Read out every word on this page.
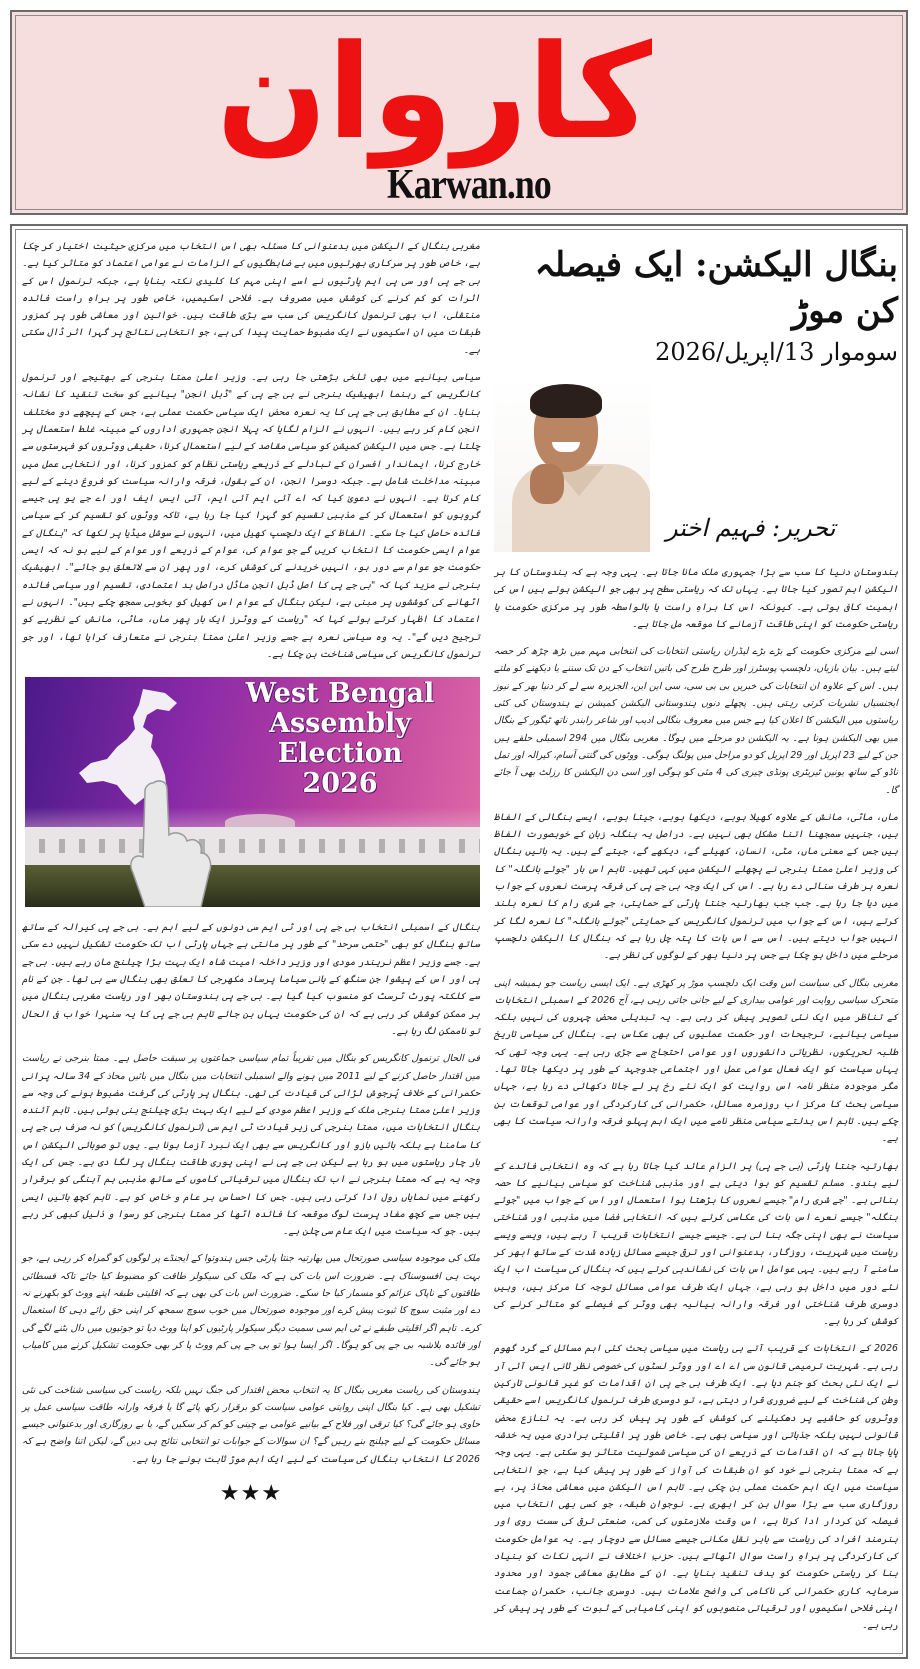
کاروان
Karwan.no

مغربی بنگال کے الیکشن میں بدعنوانی کا مسئلہ بھی اس انتخاب میں مرکزی حیثیت اختیار کر چکا ہے، خاص طور پر سرکاری بھرتیوں میں بے ضابطگیوں کے الزامات نے عوامی اعتماد کو متاثر کیا ہے۔ بی جے پی اور سی پی ایم پارٹیوں نے اسے اپنی مہم کا کلیدی نکتہ بنایا ہے، جبکہ ترنمول اس کے اثرات کو کم کرنے کی کوشش میں مصروف ہے۔ فلاحی اسکیمیں، خاص طور پر براہِ راست فائدہ منتقلی، اب بھی ترنمول کانگریس کی سب سے بڑی طاقت ہیں۔ خواتین اور معاشی طور پر کمزور طبقات میں ان اسکیموں نے ایک مضبوط حمایت پیدا کی ہے، جو انتخابی نتائج پر گہرا اثر ڈال سکتی ہے۔

سیاسی بیانیے میں بھی تلخی بڑھتی جا رہی ہے۔ وزیر اعلیٰ ممتا بنرجی کے بھتیجے اور ترنمول کانگریس کے رہنما ابھیشیک بنرجی نے بی جے پی کے "ڈبل انجن" بیانیے کو سخت تنقید کا نشانہ بنایا۔ ان کے مطابق بی جے پی کا یہ نعرہ محض ایک سیاسی حکمت عملی ہے، جس کے پیچھے دو مختلف انجن کام کر رہے ہیں۔ انہوں نے الزام لگایا کہ پہلا انجن جمہوری اداروں کے مبینہ غلط استعمال پر چلتا ہے۔ جس میں الیکشن کمیشن کو سیاسی مقاصد کے لیے استعمال کرنا، حقیقی ووٹروں کو فہرستوں سے خارج کرنا، ایماندار افسران کے تبادلے کے ذریعے ریاستی نظام کو کمزور کرنا، اور انتخابی عمل میں مبینہ مداخلت شامل ہے۔ جبکہ دوسرا انجن، ان کے بقول، فرقہ وارانہ سیاست کو فروغ دینے کے لیے کام کرتا ہے۔ انہوں نے دعویٰ کیا کہ اے آئی ایم آئی ایم، آئی ایس ایف اور اے جے یو پی جیسے گروہوں کو استعمال کر کے مذہبی تقسیم کو گہرا کیا جا رہا ہے، تاکہ ووٹوں کو تقسیم کر کے سیاسی فائدہ حاصل کیا جا سکے۔ الفاظ کے ایک دلچسپ کھیل میں، انہوں نے سوشل میڈیا پر لکھا کہ "بنگال کے عوام ایسی حکومت کا انتخاب کریں گے جو عوام کی، عوام کے ذریعے اور عوام کے لیے ہو نہ کہ ایسی حکومت جو عوام سے دور ہو، انہیں خریدنے کی کوشش کرے، اور پھر ان سے لاتعلق ہو جائے"۔ ابھیشیک بنرجی نے مزید کہا کہ "بی جے پی کا اصل ڈبل انجن ماڈل دراصل بد اعتمادی، تقسیم اور سیاسی فائدہ اٹھانے کی کوششوں پر مبنی ہے، لیکن بنگال کے عوام اس کھیل کو بخوبی سمجھ چکے ہیں"۔ انہوں نے اعتماد کا اظہار کرتے ہوئے کہا کہ "ریاست کے ووٹرز ایک بار پھر ماں، ماٹی، مانش کے نظریے کو ترجیح دیں گے"۔ یہ وہ سیاسی نعرہ ہے جسے وزیر اعلیٰ ممتا بنرجی نے متعارف کرایا تھا، اور جو ترنمول کانگریس کی سیاسی شناخت بن چکا ہے۔

West Bengal
Assembly
Election
2026

بنگال کے اسمبلی انتخاب بی جے پی اور ٹی ایم سی دونوں کے لیے اہم ہے۔ بی جے پی کیرالہ کے ساتھ ساتھ بنگال کو بھی "حتمی سرحد" کے طور پر مانتی ہے جہاں پارٹی اب تک حکومت تشکیل نہیں دے سکی ہے۔ جسے وزیر اعظم نریندر مودی اور وزیر داخلہ امیت شاہ ایک بہت بڑا چیلنج مان رہے ہیں۔ بی جے پی اور اس کے پیشوا جن سنگھ کے بانی سیاما پرساد مکھرجی کا تعلق بھی بنگال سے ہی تھا۔ جن کے نام سے کلکتہ پورٹ ٹرسٹ کو منسوب کیا گیا ہے۔ بی جے پی ہندوستان بھر اور ریاست مغربی بنگال میں ہر ممکن کوشش کر رہی ہے کہ ان کی حکومت یہاں بن جائے تاہم بی جے پی کا یہ سنہرا خواب فی الحال تو ناممکن لگ رہا ہے۔

فی الحال ترنمول کانگریس کو بنگال میں تقریباً تمام سیاسی جماعتوں پر سبقت حاصل ہے۔ ممتا بنرجی نے ریاست میں اقتدار حاصل کرنے کے لیے 2011 میں ہونے والے اسمبلی انتخابات میں بنگال میں بائیں محاذ کے 34 سالہ پرانی حکمرانی کے خلاف پُرجوش لڑائی کی قیادت کی تھی۔ بنگال پر پارٹی کی گرفت مضبوط ہونے کی وجہ سے وزیر اعلیٰ ممتا بنرجی ملک کے وزیر اعظم مودی کے لیے ایک بہت بڑی چیلنج بنی ہوئی ہیں۔ تاہم آئندہ بنگال انتخابات میں، ممتا بنرجی کی زیر قیادت ٹی ایم سی (ترنمول کانگریس) کو نہ صرف بی جے پی کا سامنا ہے بلکہ بائیں بازو اور کانگریس سے بھی ایک نبرد آزما ہونا ہے۔ یوں تو صوبائی الیکشن اس بار چار ریاستوں میں ہو رہا ہے لیکن بی جے پی نے اپنی پوری طاقت بنگال پر لگا دی ہے۔ جس کی ایک وجہ یہ ہے کہ ممتا بنرجی نے اب تک بنگال میں ترقیاتی کاموں کے ساتھ مذہبی ہم آہنگی کو برقرار رکھنے میں نمایاں رول ادا کرتی رہی ہیں۔ جس کا احساس ہر عام و خاص کو ہے۔ تاہم کچھ باتیں ایسی ہیں جس سے کچھ مفاد پرست لوگ موقعہ کا فائدہ اٹھا کر ممتا بنرجی کو رسوا و ذلیل کبھی کر رہے ہیں۔ جو کہ سیاست میں ایک عام سی چلن ہے۔

ملک کی موجودہ سیاسی صورتحال میں بھارتیہ جنتا پارٹی جس ہندوتوا کے ایجنڈے پر لوگوں کو گمراہ کر رہی ہے، جو بہت ہی افسوسناک ہے۔ ضرورت اس بات کی ہے کہ ملک کی سیکولر طاقت کو مضبوط کیا جائے تاکہ فسطائی طاقتوں کے ناپاک عزائم کو مسمار کیا جا سکے۔ ضرورت اس بات کی بھی ہے کہ اقلیتی طبقہ اپنے ووٹ کو بکھرنے نہ دے اور مثبت سوچ کا ثبوت پیش کرے اور موجودہ صورتحال میں خوب سوچ سمجھ کر اپنی حق رائے دہی کا استعمال کرے۔ تاہم اگر اقلیتی طبقے نے ٹی ایم سی سمیت دیگر سیکولر پارٹیوں کو اپنا ووٹ دیا تو جوتیوں میں دال بٹنے لگے گی اور فائدہ بلاشبہ بی جے پی کو ہوگا۔ اگر ایسا ہوا تو بی جے پی کم ووٹ پا کر بھی حکومت تشکیل کرنے میں کامیاب ہو جائے گی۔

ہندوستان کی ریاست مغربی بنگال کا یہ انتخاب محض اقتدار کی جنگ نہیں بلکہ ریاست کی سیاسی شناخت کی نئی تشکیل بھی ہے۔ کیا بنگال اپنی روایتی عوامی سیاست کو برقرار رکھ پائے گا یا فرقہ وارانہ طاقت سیاسی عمل پر حاوی ہو جائے گی؟ کیا ترقی اور فلاح کے بیانیے عوامی بے چینی کو کم کر سکیں گے، یا بے روزگاری اور بدعنوانی جیسے مسائل حکومت کے لیے چیلنج بنے رہیں گے؟ ان سوالات کے جوابات تو انتخابی نتائج ہی دیں گے، لیکن اتنا واضح ہے کہ 2026 کا انتخاب بنگال کی سیاست کے لیے ایک اہم موڑ ثابت ہونے جا رہا ہے۔

★★★
بنگال الیکشن: ایک فیصلہ کن موڑ
سوموار 13/اپریل/2026
تحریر: فہیم اختر

ہندوستان دنیا کا سب سے بڑا جمہوری ملک مانا جاتا ہے۔ یہی وجہ ہے کہ ہندوستان کا ہر الیکشن اہم تصور کیا جاتا ہے۔ یہاں تک کہ ریاستی سطح پر بھی جو الیکشن ہوتے ہیں اس کی اہمیت کافی ہوتی ہے۔ کیونکہ اس کا براہِ راست یا بالواسطہ طور پر مرکزی حکومت یا ریاستی حکومت کو اپنی طاقت آزمانے کا موقعہ مل جاتا ہے۔

اسی لیے مرکزی حکومت کے بڑے بڑے لیڈران ریاستی انتخابات کی انتخابی مہم میں بڑھ چڑھ کر حصہ لیتے ہیں۔ بیان بازیاں، دلچسپ پوسٹرز اور طرح طرح کی باتیں انتخاب کے دن تک سننے یا دیکھنے کو ملتے ہیں۔ اس کے علاوہ ان انتخابات کی خبریں بی بی سی، سی این این، الجزیرہ سے لے کر دنیا بھر کے نیوز ایجنسیاں نشریات کرتی رہتی ہیں۔ پچھلے دنوں ہندوستانی الیکشن کمیشن نے ہندوستان کی کئی ریاستوں میں الیکشن کا اعلان کیا ہے جس میں معروف بنگالی ادیب اور شاعر رابندر ناتھ ٹیگور کے بنگال میں بھی الیکشن ہونا ہے۔ یہ الیکشن دو مرحلے میں ہوگا۔ مغربی بنگال میں 294 اسمبلی حلقے ہیں جن کے لیے 23 اپریل اور 29 اپریل کو دو مراحل میں پولنگ ہوگی۔ ووٹوں کی گنتی آسام، کیرالہ اور تمل ناڈو کے ساتھ یونین ٹیریٹری پونڈی چیری کی 4 مئی کو ہوگی اور اسی دن الیکشن کا رزلٹ بھی آ جائے گا۔

ماں، ماٹی، مانش کے علاوہ کھیلا ہوبے، دیکھا ہوبے، جیتا ہوبے، ایسے بنگالی کے الفاظ ہیں، جنہیں سمجھنا اتنا مشکل بھی نہیں ہے۔ دراصل یہ بنگلہ زبان کے خوبصورت الفاظ ہیں جس کے معنی ماں، مٹی، انسان، کھیلے گے، دیکھے گے، جیتے گے ہیں۔ یہ باتیں بنگال کی وزیر اعلیٰ ممتا بنرجی نے پچھلے الیکشن میں کہی تھیں۔ تاہم اس بار "جوئے بانگلہ" کا نعرہ ہر طرف سنائی دے رہا ہے۔ اس کی ایک وجہ بی جے پی کی فرقہ پرست نعروں کے جواب میں دیا جا رہا ہے۔ جب جب بھارتیہ جنتا پارٹی کے حمایتی، جے شری رام کا نعرہ بلند کرتے ہیں، اس کے جواب میں ترنمول کانگریس کے حمایتی "جوئے بانگلہ" کا نعرہ لگا کر انہیں جواب دیتے ہیں۔ اس سے اس بات کا پتہ چل رہا ہے کہ بنگال کا الیکشن دلچسپ مرحلے میں داخل ہو چکا ہے جس پر دنیا بھر کے لوگوں کی نظر ہے۔

مغربی بنگال کی سیاست اس وقت ایک دلچسپ موڑ پر کھڑی ہے۔ ایک ایسی ریاست جو ہمیشہ اپنی متحرک سیاسی روایت اور عوامی بیداری کے لیے جانی جاتی رہی ہے، آج 2026 کے اسمبلی انتخابات کے تناظر میں ایک نئی تصویر پیش کر رہی ہے۔ یہ تبدیلی محض چہروں کی نہیں بلکہ سیاسی بیانیے، ترجیحات اور حکمت عملیوں کی بھی عکاس ہے۔ بنگال کی سیاسی تاریخ طلبہ تحریکوں، نظریاتی دانشوروں اور عوامی احتجاج سے جڑی رہی ہے۔ یہی وجہ تھی کہ یہاں سیاست کو ایک فعال عوامی عمل اور اجتماعی جدوجہد کے طور پر دیکھا جاتا تھا۔ مگر موجودہ منظر نامہ اس روایت کو ایک نئے رخ پر لے جاتا دکھائی دے رہا ہے، جہاں سیاسی بحث کا مرکز اب روزمرہ مسائل، حکمرانی کی کارکردگی اور عوامی توقعات بن چکے ہیں۔ تاہم اس بدلتے سیاسی منظر نامے میں ایک اہم پہلو فرقہ وارانہ سیاست کا بھی ہے۔

بھارتیہ جنتا پارٹی (بی جے پی) پر الزام عائد کیا جاتا رہا ہے کہ وہ انتخابی فائدے کے لیے ہندو۔ مسلم تقسیم کو ہوا دیتی ہے اور مذہبی شناخت کو سیاسی بیانیے کا حصہ بناتی ہے۔ "جے شری رام" جیسے نعروں کا بڑھتا ہوا استعمال اور اس کے جواب میں "جوئے بنگلہ" جیسے نعرے اس بات کی عکاسی کرتے ہیں کہ انتخابی فضا میں مذہبی اور شناختی سیاست نے بھی اپنی جگہ بنا لی ہے۔ جیسے جیسے انتخابات قریب آ رہے ہیں، ویسے ویسے ریاست میں شہریت، روزگار، بدعنوانی اور ترقی جیسے مسائل زیادہ شدت کے ساتھ ابھر کر سامنے آ رہے ہیں۔ یہی عوامل اس بات کی نشاندہی کرتے ہیں کہ بنگال کی سیاست اب ایک نئے دور میں داخل ہو رہی ہے، جہاں ایک طرف عوامی مسائل توجہ کا مرکز ہیں، وہیں دوسری طرف شناختی اور فرقہ وارانہ بیانیہ بھی ووٹر کے فیصلے کو متاثر کرنے کی کوشش کر رہا ہے۔

2026 کے انتخابات کے قریب آتے ہی ریاست میں سیاسی بحث کئی اہم مسائل کے گرد گھوم رہی ہے۔ شہریت ترمیمی قانون سی اے اے اور ووٹر لسٹوں کی خصوصی نظر ثانی ایس آئی آر نے ایک نئی بحث کو جنم دیا ہے۔ ایک طرف بی جے پی ان اقدامات کو غیر قانونی تارکین وطن کی شناخت کے لیے ضروری قرار دیتی ہے، تو دوسری طرف ترنمول کانگریس اسے حقیقی ووٹروں کو حاشیے پر دھکیلنے کی کوشش کے طور پر پیش کر رہی ہے۔ یہ تنازع محض قانونی نہیں بلکہ جذباتی اور سیاسی بھی ہے۔ خاص طور پر اقلیتی برادری میں یہ خدشہ پایا جاتا ہے کہ ان اقدامات کے ذریعے ان کی سیاسی شمولیت متاثر ہو سکتی ہے۔ یہی وجہ ہے کہ ممتا بنرجی نے خود کو ان طبقات کی آواز کے طور پر پیش کیا ہے، جو انتخابی سیاست میں ایک اہم حکمت عملی بن چکی ہے۔ تاہم اس الیکشن میں معاشی محاذ پر، بے روزگاری سب سے بڑا سوال بن کر ابھری ہے۔ نوجوان طبقہ، جو کسی بھی انتخاب میں فیصلہ کن کردار ادا کرتا ہے، اس وقت ملازمتوں کی کمی، صنعتی ترقی کی سست روی اور ہنرمند افراد کی ریاست سے باہر نقل مکانی جیسے مسائل سے دوچار ہے۔ یہ عوامل حکومت کی کارکردگی پر براہِ راست سوال اٹھاتے ہیں۔ حزبِ اختلاف نے انہی نکات کو بنیاد بنا کر ریاستی حکومت کو ہدف تنقید بنایا ہے۔ ان کے مطابق معاشی جمود اور محدود سرمایہ کاری حکمرانی کی ناکامی کی واضح علامات ہیں۔ دوسری جانب، حکمران جماعت اپنی فلاحی اسکیموں اور ترقیاتی منصوبوں کو اپنی کامیابی کے ثبوت کے طور پر پیش کر رہی ہے۔
